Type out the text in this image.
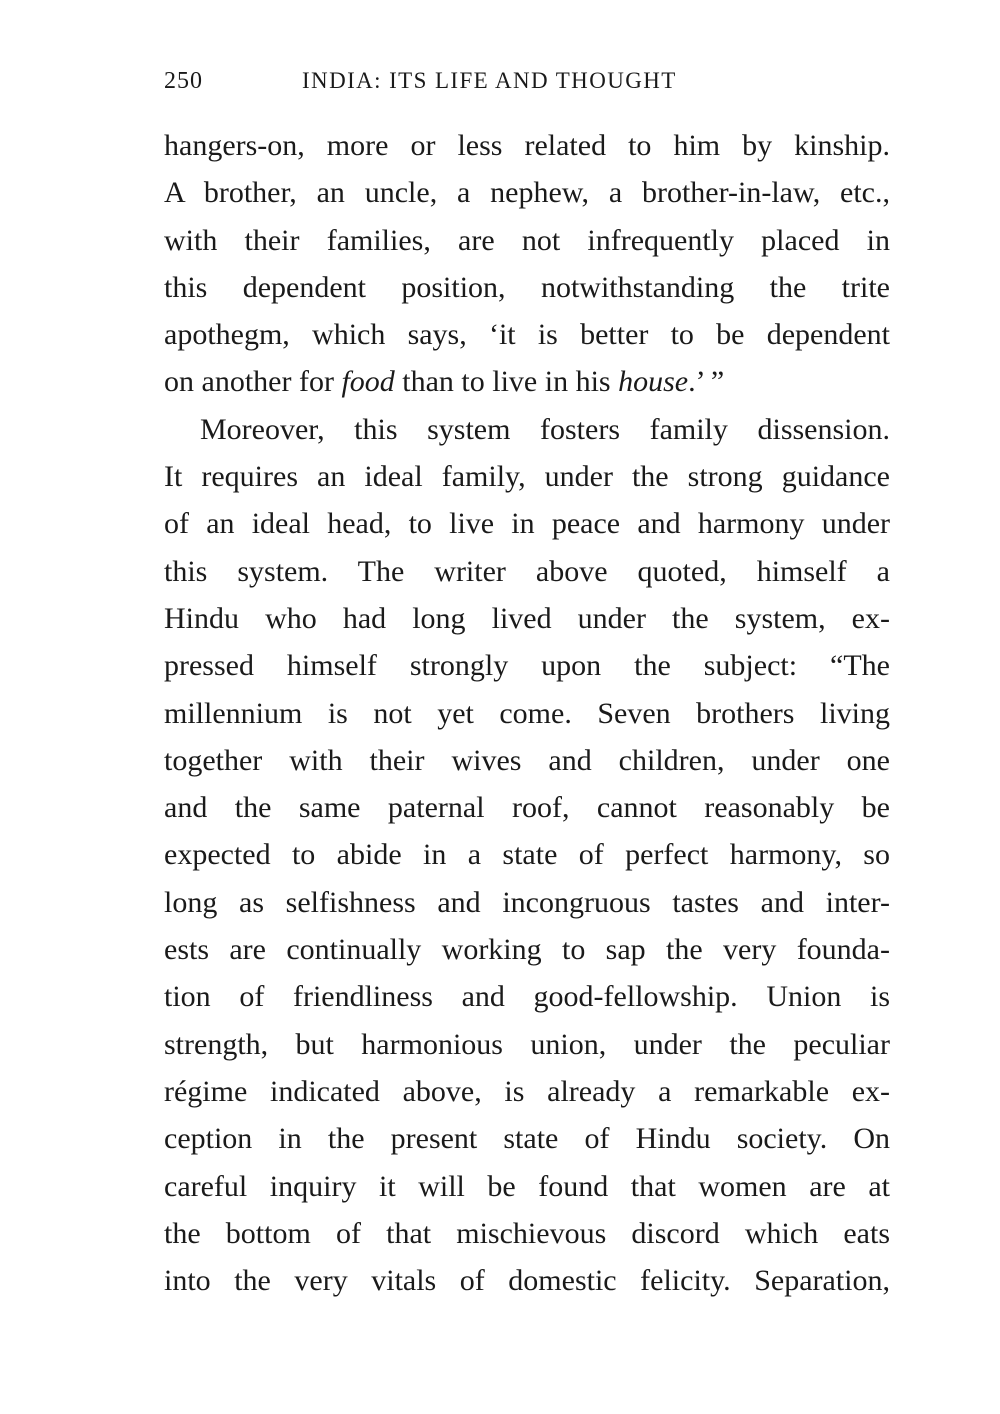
250	INDIA: ITS LIFE AND THOUGHT
hangers-on, more or less related to him by kinship.
A brother, an uncle, a nephew, a brother-in-law, etc.,
with their families, are not infrequently placed in
this dependent position, notwithstanding the trite
apothegm, which says, ‘it is better to be dependent
on another for food than to live in his house.’ ”
Moreover, this system fosters family dissension.
It requires an ideal family, under the strong guidance
of an ideal head, to live in peace and harmony under
this system. The writer above quoted, himself a
Hindu who had long lived under the system, ex-
pressed himself strongly upon the subject: “The
millennium is not yet come. Seven brothers living
together with their wives and children, under one
and the same paternal roof, cannot reasonably be
expected to abide in a state of perfect harmony, so
long as selfishness and incongruous tastes and inter-
ests are continually working to sap the very founda-
tion of friendliness and good-fellowship. Union is
strength, but harmonious union, under the peculiar
régime indicated above, is already a remarkable ex-
ception in the present state of Hindu society. On
careful inquiry it will be found that women are at
the bottom of that mischievous discord which eats
into the very vitals of domestic felicity. Separation,
